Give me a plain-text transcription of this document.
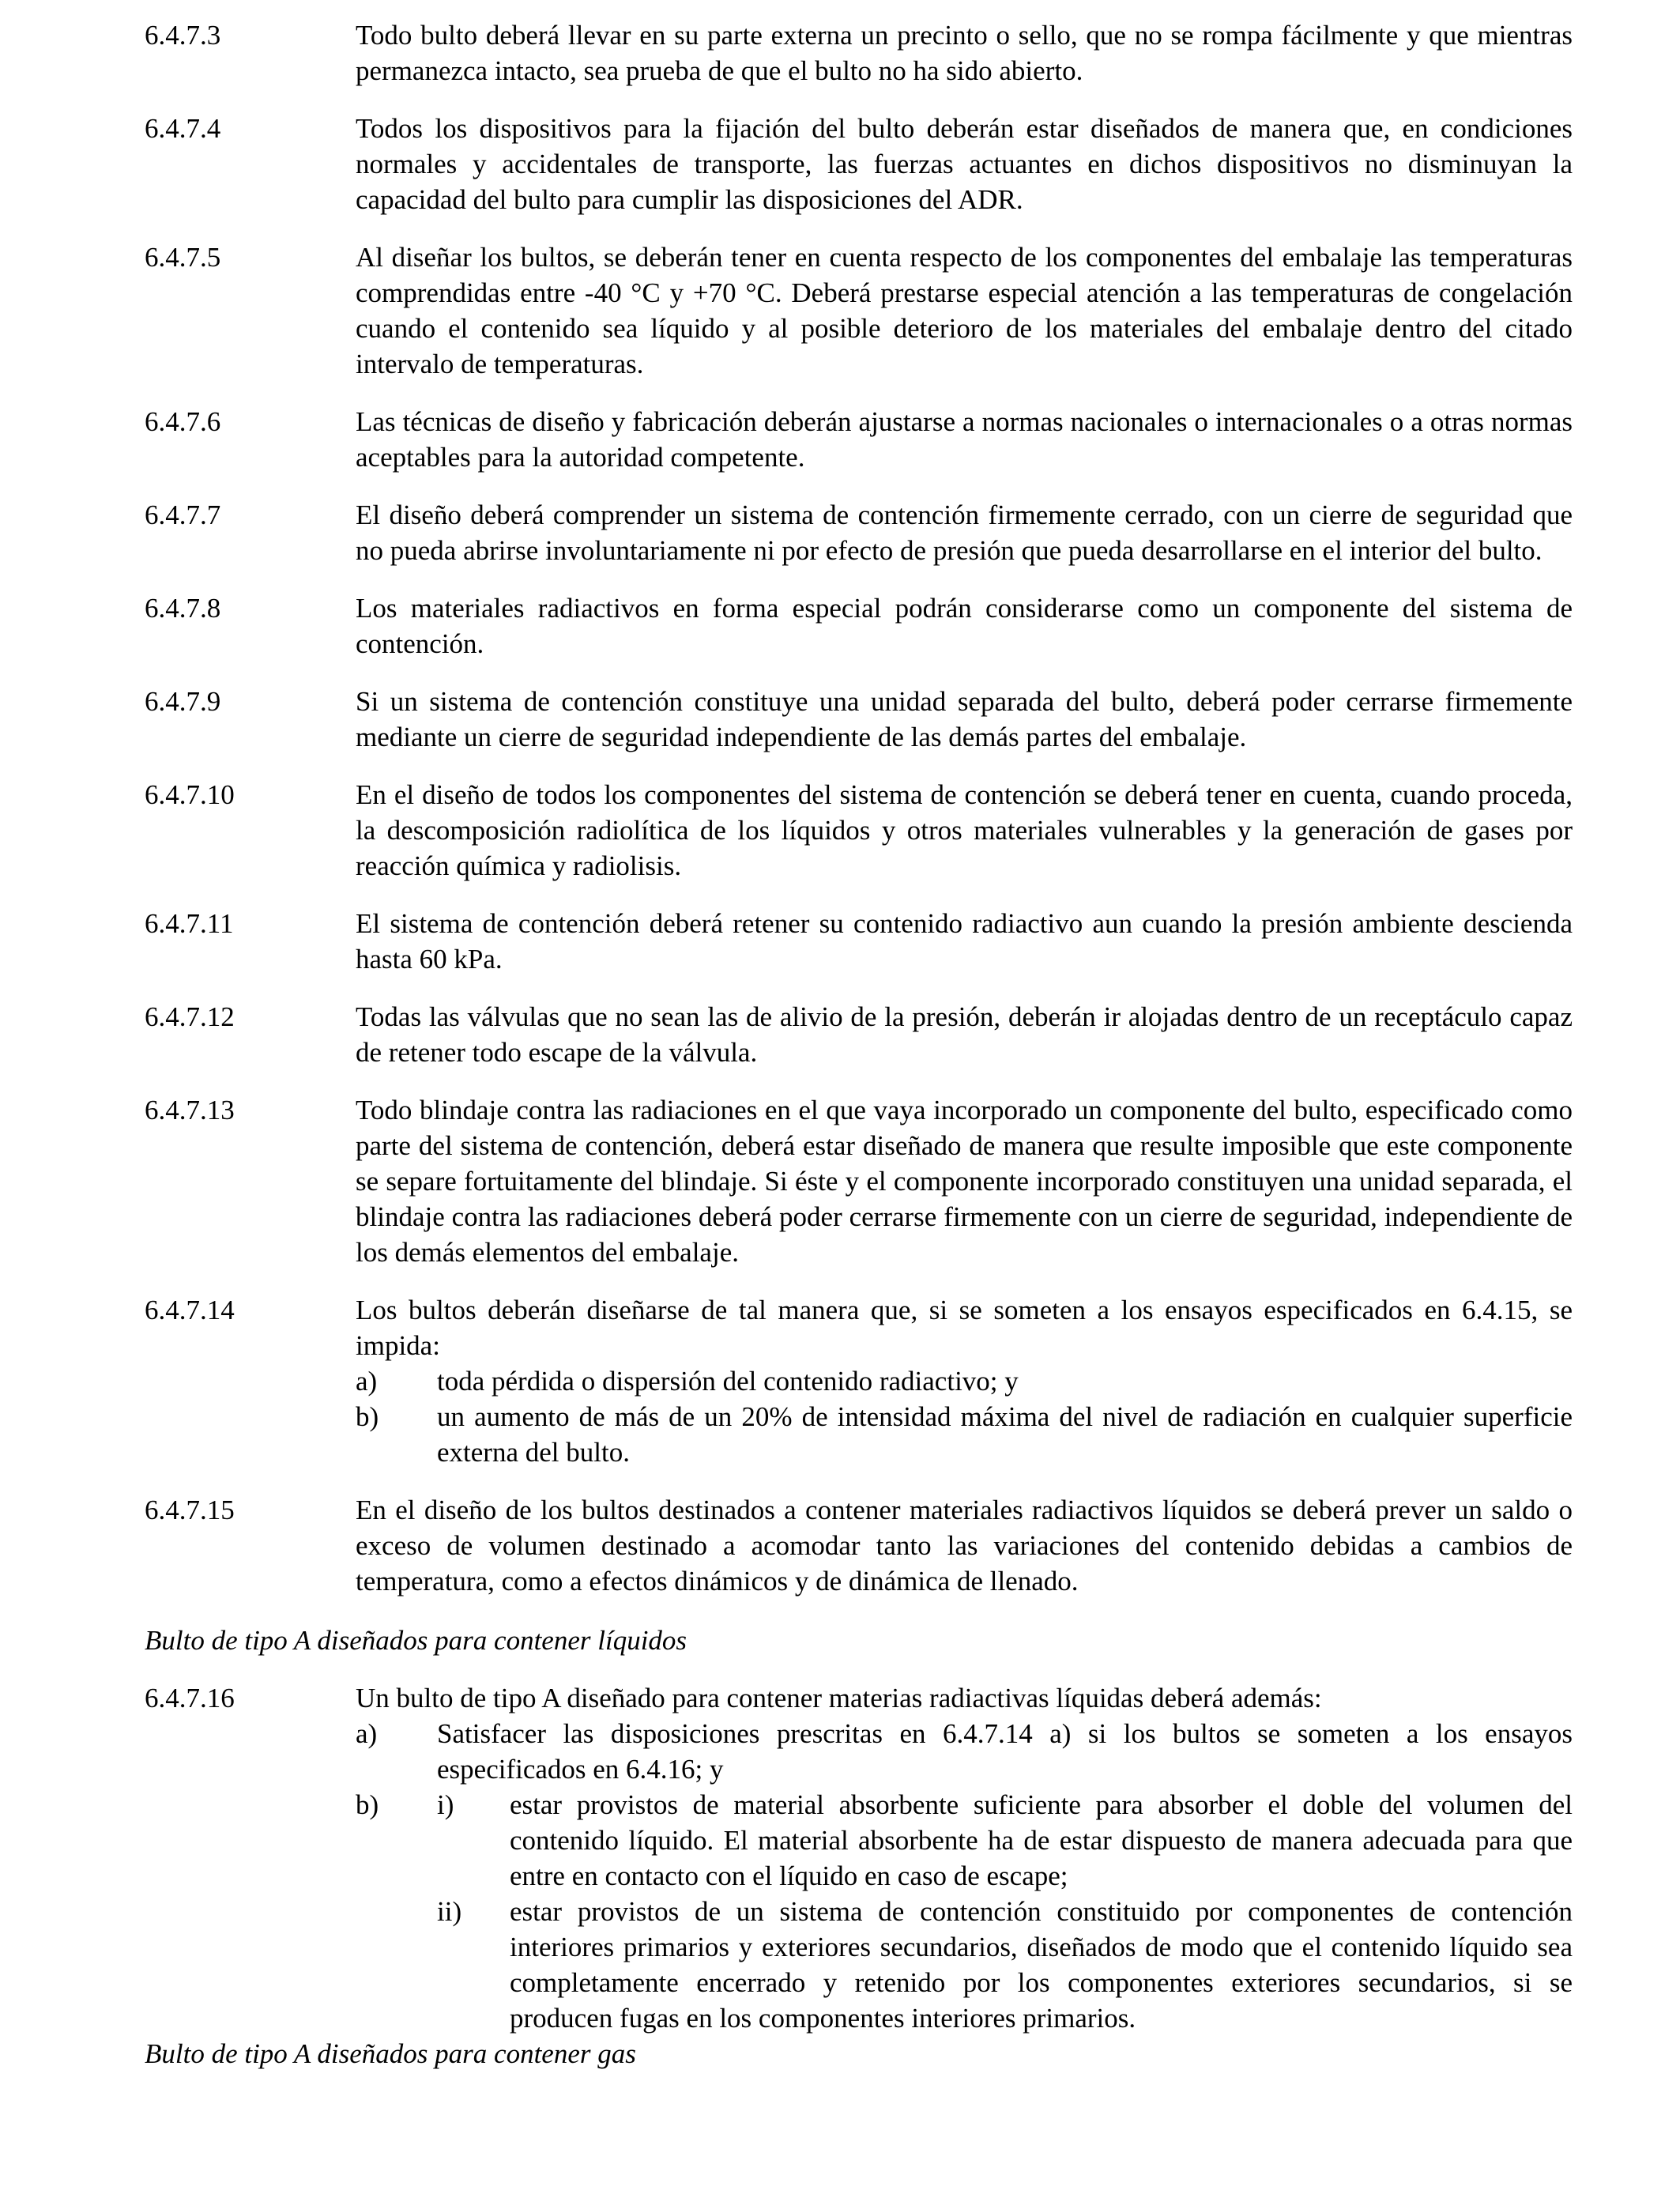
6.4.7.3	Todo bulto deberá llevar en su parte externa un precinto o sello, que no se rompa fácilmente y que mientras permanezca intacto, sea prueba de que el bulto no ha sido abierto.
6.4.7.4	Todos los dispositivos para la fijación del bulto deberán estar diseñados de manera que, en condiciones normales y accidentales de transporte, las fuerzas actuantes en dichos dispositivos no disminuyan la capacidad del bulto para cumplir las disposiciones del ADR.
6.4.7.5	Al diseñar los bultos, se deberán tener en cuenta respecto de los componentes del embalaje las temperaturas comprendidas entre -40 °C y +70 °C. Deberá prestarse especial atención a las temperaturas de congelación cuando el contenido sea líquido y al posible deterioro de los materiales del embalaje dentro del citado intervalo de temperaturas.
6.4.7.6	Las técnicas de diseño y fabricación deberán ajustarse a normas nacionales o internacionales o a otras normas aceptables para la autoridad competente.
6.4.7.7	El diseño deberá comprender un sistema de contención firmemente cerrado, con un cierre de seguridad que no pueda abrirse involuntariamente ni por efecto de presión que pueda desarrollarse en el interior del bulto.
6.4.7.8	Los materiales radiactivos en forma especial podrán considerarse como un componente del sistema de contención.
6.4.7.9	Si un sistema de contención constituye una unidad separada del bulto, deberá poder cerrarse firmemente mediante un cierre de seguridad independiente de las demás partes del embalaje.
6.4.7.10	En el diseño de todos los componentes del sistema de contención se deberá tener en cuenta, cuando proceda, la descomposición radiolítica de los líquidos y otros materiales vulnerables y la generación de gases por reacción química y radiolisis.
6.4.7.11	El sistema de contención deberá retener su contenido radiactivo aun cuando la presión ambiente descienda hasta 60 kPa.
6.4.7.12	Todas las válvulas que no sean las de alivio de la presión, deberán ir alojadas dentro de un receptáculo capaz de retener todo escape de la válvula.
6.4.7.13	Todo blindaje contra las radiaciones en el que vaya incorporado un componente del bulto, especificado como parte del sistema de contención, deberá estar diseñado de manera que resulte imposible que este componente se separe fortuitamente del blindaje. Si éste y el componente incorporado constituyen una unidad separada, el blindaje contra las radiaciones deberá poder cerrarse firmemente con un cierre de seguridad, independiente de los demás elementos del embalaje.
6.4.7.14	Los bultos deberán diseñarse de tal manera que, si se someten a los ensayos especificados en 6.4.15, se impida:
a)	toda pérdida o dispersión del contenido radiactivo; y
b)	un aumento de más de un 20% de intensidad máxima del nivel de radiación en cualquier superficie externa del bulto.
6.4.7.15	En el diseño de los bultos destinados a contener materiales radiactivos líquidos se deberá prever un saldo o exceso de volumen destinado a acomodar tanto las variaciones del contenido debidas a cambios de temperatura, como a efectos dinámicos y de dinámica de llenado.
Bulto de tipo A diseñados para contener líquidos
6.4.7.16	Un bulto de tipo A diseñado para contener materias radiactivas líquidas deberá además:
a)	Satisfacer las disposiciones prescritas en 6.4.7.14 a) si los bultos se someten a los ensayos especificados en 6.4.16; y
b)	i)	estar provistos de material absorbente suficiente para absorber el doble del volumen del contenido líquido. El material absorbente ha de estar dispuesto de manera adecuada para que entre en contacto con el líquido en caso de escape;
ii)	estar provistos de un sistema de contención constituido por componentes de contención interiores primarios y exteriores secundarios, diseñados de modo que el contenido líquido sea completamente encerrado y retenido por los componentes exteriores secundarios, si se producen fugas en los componentes interiores primarios.
Bulto de tipo A diseñados para contener gas
